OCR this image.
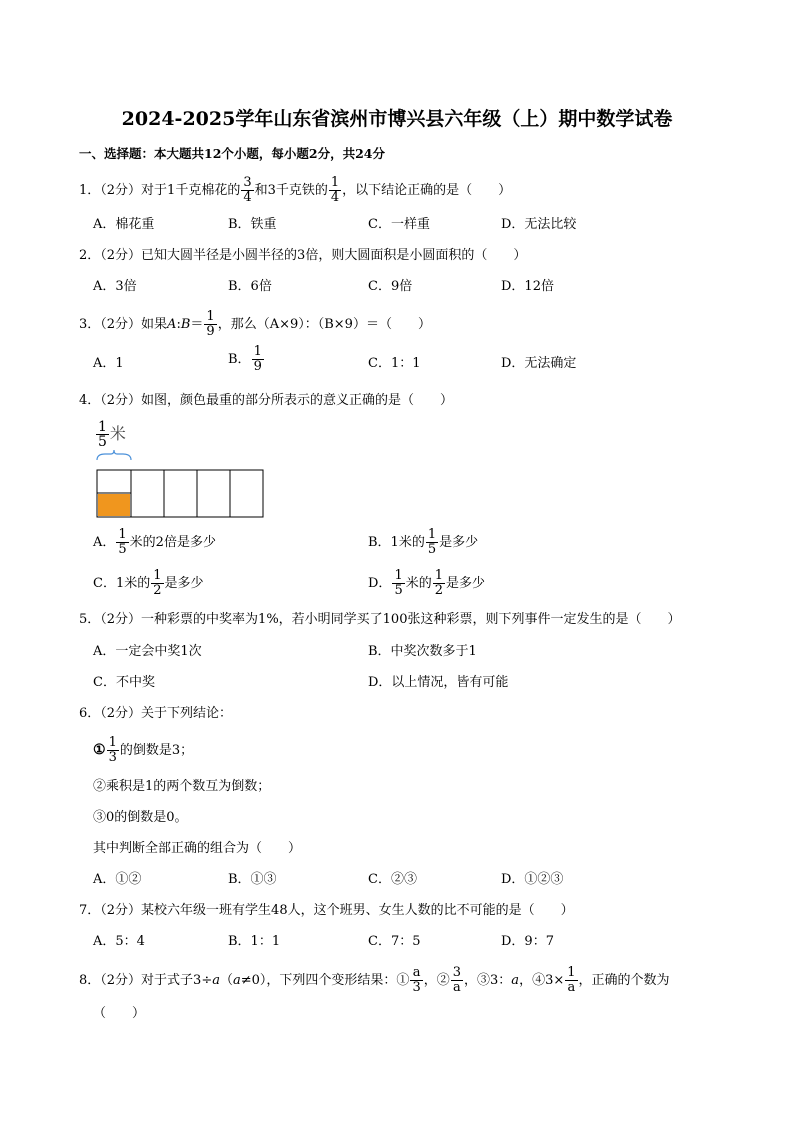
2024-2025学年山东省滨州市博兴县六年级（上）期中数学试卷
一、选择题：本大题共12个小题，每小题2分，共24分
1．（2分）对于1千克棉花的 $\frac{3}{4}$ 和3千克铁的 $\frac{1}{4}$ ，以下结论正确的是（　　）
A．棉花重	B．铁重	C．一样重	D．无法比较
2．（2分）已知大圆半径是小圆半径的3倍，则大圆面积是小圆面积的（　　）
A．3倍	B．6倍	C．9倍	D．12倍
3．（2分）如果A:B＝ $\frac{1}{9}$ ，那么（A×9）：（B×9）＝（　　）
A．1	B． $\frac{1}{9}$	C．1：1	D．无法确定
4．（2分）如图，颜色最重的部分所表示的意义正确的是（　　）
$\frac{1}{5}$ 米
A． $\frac{1}{5}$ 米的2倍是多少	B．1米的 $\frac{1}{5}$ 是多少
C．1米的 $\frac{1}{2}$ 是多少	D． $\frac{1}{5}$ 米的 $\frac{1}{2}$ 是多少
5．（2分）一种彩票的中奖率为1%，若小明同学买了100张这种彩票，则下列事件一定发生的是（　　）
A．一定会中奖1次	B．中奖次数多于1
C．不中奖	D．以上情况，皆有可能
6．（2分）关于下列结论：
① $\frac{1}{3}$ 的倒数是3；
②乘积是1的两个数互为倒数；
③0的倒数是0。
其中判断全部正确的组合为（　　）
A．①②	B．①③	C．②③	D．①②③
7．（2分）某校六年级一班有学生48人，这个班男、女生人数的比不可能的是（　　）
A．5：4	B．1：1	C．7：5	D．9：7
8．（2分）对于式子3÷a（a≠0），下列四个变形结果：① $\frac{a}{3}$ ，② $\frac{3}{a}$ ，③3：a，④3× $\frac{1}{a}$ ，正确的个数为
（　　）
